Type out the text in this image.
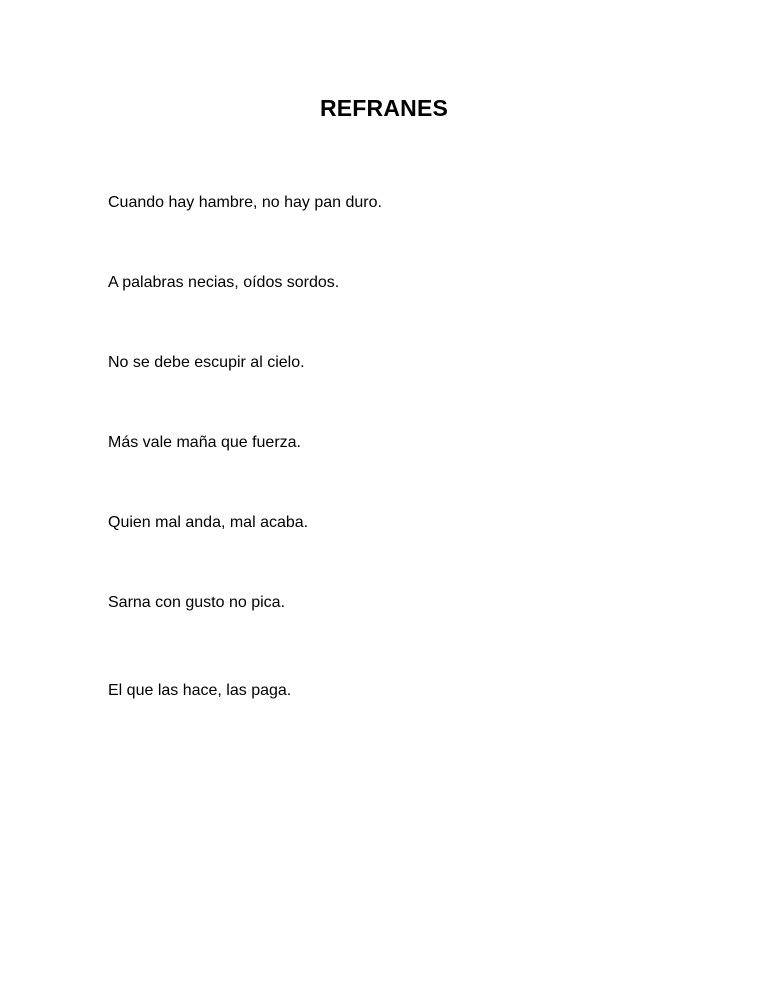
REFRANES
Cuando hay hambre, no hay pan duro.
A palabras necias, oídos sordos.
No se debe escupir al cielo.
Más vale maña que fuerza.
Quien mal anda, mal acaba.
Sarna con gusto no pica.
El que las hace, las paga.
